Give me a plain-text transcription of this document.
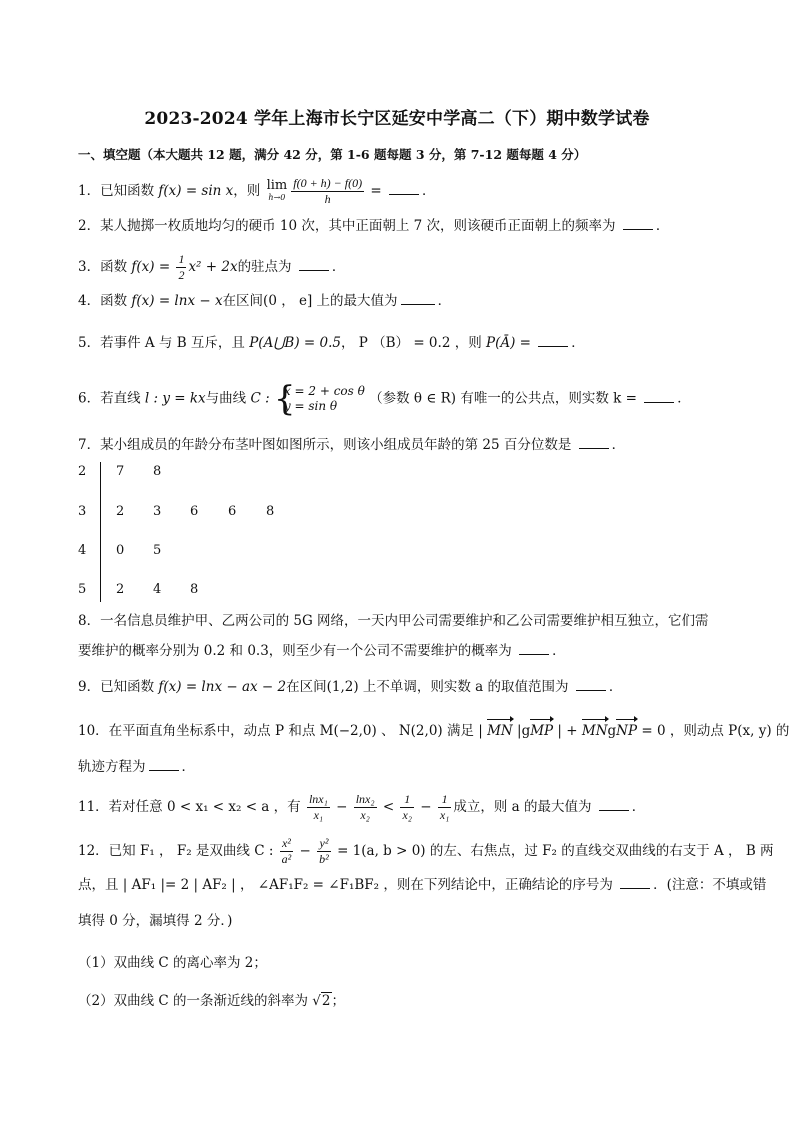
2023-2024 学年上海市长宁区延安中学高二（下）期中数学试卷
一、填空题（本大题共 12 题，满分 42 分，第 1-6 题每题 3 分，第 7-12 题每题 4 分）
1．已知函数 f(x) = sin x，则 lim
$h\to 0 \frac{f(0 + h) - f(0)}{h}$ =	．
2．某人抛掷一枚质地均匀的硬币 10 次，其中正面朝上 7 次，则该硬币正面朝上的频率为	．
3．函数 $f(x) = \frac{1}{2} x^2 + 2x$的驻点为	．
4．函数 f(x) = lnx − x在区间(0 ， e] 上的最大值为	．
5．若事件 A 与 B 互斥，且 P(A⋃B) = 0.5， P （B） = 0.2 ，则 P(Ā) =	．
6．若直线 l : y = kx与曲线 C : {
x = 2 + cos θ
y = sin θ	（参数 θ ∈ R) 有唯一的公共点，则实数 k =	．
7．某小组成员的年龄分布茎叶图如图所示，则该小组成员年龄的第 25 百分位数是	．
2	7 8
3	2 3 6 6 8
4	0 5
5	2 4 8
8．一名信息员维护甲、乙两公司的 5G 网络，一天内甲公司需要维护和乙公司需要维护相互独立，它们需
要维护的概率分别为 0.2 和 0.3，则至少有一个公司不需要维护的概率为	．
9．已知函数 f(x) = lnx − ax − 2在区间(1,2) 上不单调，则实数 a 的取值范围为	．
10．在平面直角坐标系中，动点 P 和点 M(−2,0) 、 N(2,0) 满足 | MN |gMP | + MNgNP = 0 ，则动点 P(x, y) 的
轨迹方程为	．
11．若对任意 0 < x₁ < x₂ < a ，有 $\frac{\text{lnx₁}}{\text{x₁}} - \frac{\text{lnx₂}}{\text{x₂}} < \frac{1}{\text{x₂}} - \frac{1}{\text{x₁}}$ 成立，则 a 的最大值为	．
12．已知 F₁ ， F₂ 是双曲线 C : $\frac{\text{x²}}{\text{a²}} - \frac{\text{y²}}{\text{b²}} = 1(a$, b > 0) 的左、右焦点，过 F₂ 的直线交双曲线的右支于 A ， B 两
点，且 | AF₁ |= 2 | AF₂ | ， ∠AF₁F₂ = ∠F₁BF₂ ，则在下列结论中，正确结论的序号为	．(注意：不填或错
填得 0 分，漏填得 2 分．)
（1）双曲线 C 的离心率为 2；
（2）双曲线 C 的一条渐近线的斜率为 √2；
